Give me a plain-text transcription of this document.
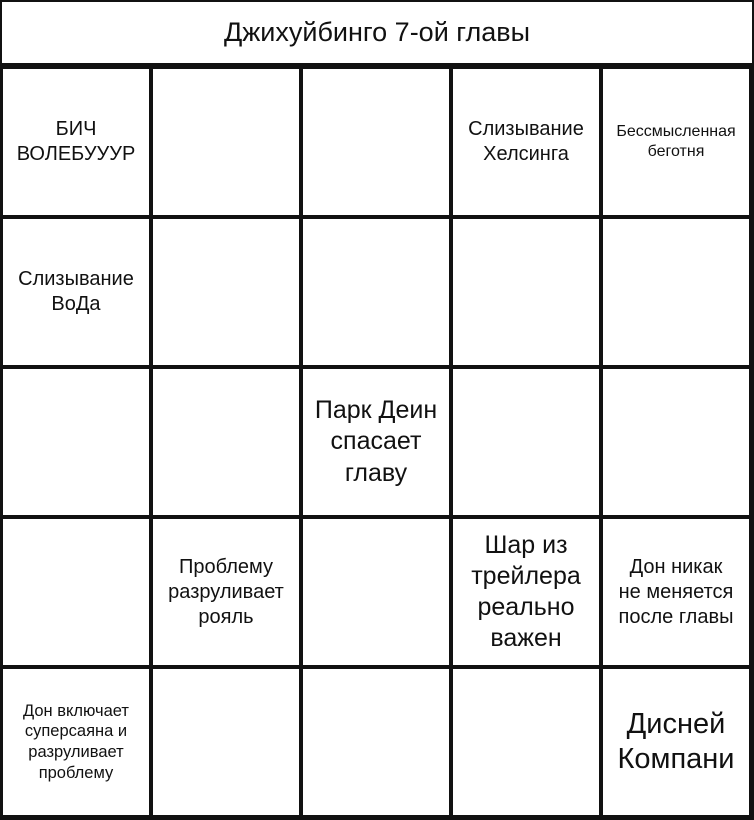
Джихуйбинго 7-ой главы
БИЧ
ВОЛЕБУУУР
Слизывание
Хелсинга
Бессмысленная
беготня
Слизывание
ВоДа
Парк Деин
спасает
главу
Проблему
разруливает
рояль
Шар из
трейлера
реально
важен
Дон никак
не меняется
после главы
Дон включает
суперсаяна и
разруливает
проблему
Дисней
Компани
